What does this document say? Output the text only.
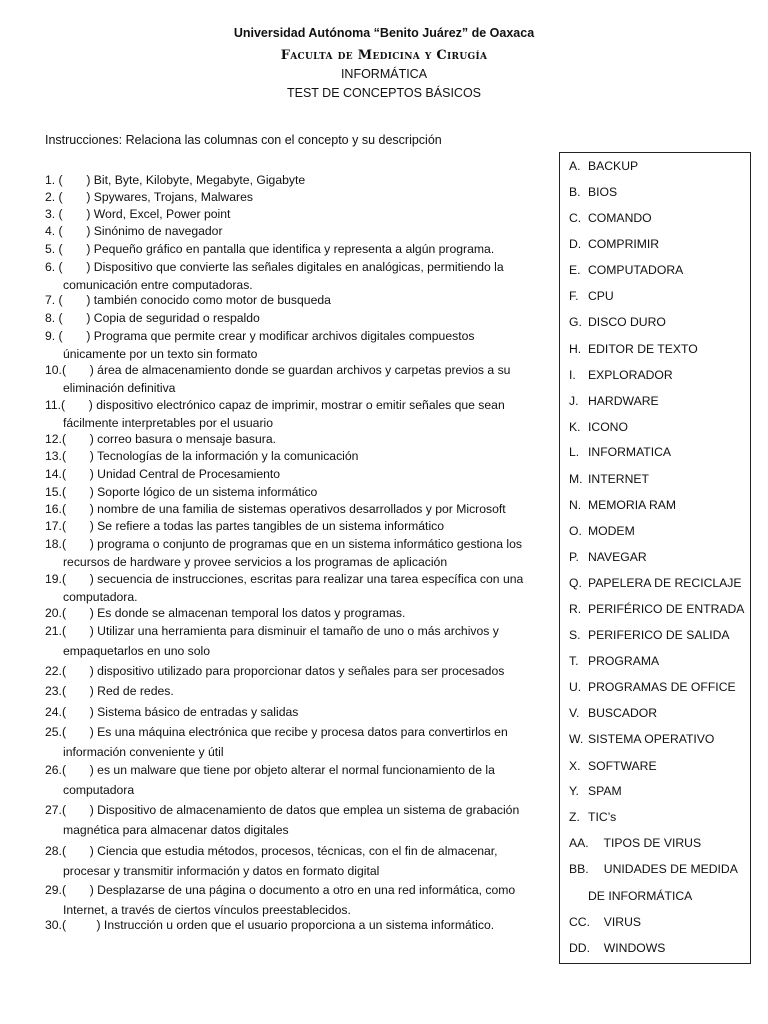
Universidad Autónoma “Benito Juárez” de Oaxaca
Faculta de Medicina y Cirugía
INFORMÁTICA
TEST DE CONCEPTOS BÁSICOS
Instrucciones: Relaciona las columnas con el concepto y su descripción
1. (       ) Bit, Byte, Kilobyte, Megabyte, Gigabyte
2. (       ) Spywares, Trojans, Malwares
3. (       ) Word, Excel, Power point
4. (       ) Sinónimo de navegador
5. (       ) Pequeño gráfico en pantalla que identifica y representa a algún programa.
6. (       ) Dispositivo que convierte las señales digitales en analógicas, permitiendo la
comunicación entre computadoras.
7. (       ) también conocido como motor de busqueda
8. (       ) Copia de seguridad o respaldo
9. (       ) Programa que permite crear y modificar archivos digitales compuestos
únicamente por un texto sin formato
10.(       ) área de almacenamiento donde se guardan archivos y carpetas previos a su
eliminación definitiva
11.(       ) dispositivo electrónico capaz de imprimir, mostrar o emitir señales que sean
fácilmente interpretables por el usuario
12.(       ) correo basura o mensaje basura.
13.(       ) Tecnologías de la información y la comunicación
14.(       ) Unidad Central de Procesamiento
15.(       ) Soporte lógico de un sistema informático
16.(       ) nombre de una familia de sistemas operativos desarrollados y por Microsoft
17.(       ) Se refiere a todas las partes tangibles de un sistema informático
18.(       ) programa o conjunto de programas que en un sistema informático gestiona los
recursos de hardware y provee servicios a los programas de aplicación
19.(       ) secuencia de instrucciones, escritas para realizar una tarea específica con una
computadora.
20.(       ) Es donde se almacenan temporal los datos y programas.
21.(       ) Utilizar una herramienta para disminuir el tamaño de uno o más archivos y
empaquetarlos en uno solo
22.(       ) dispositivo utilizado para proporcionar datos y señales para ser procesados
23.(       ) Red de redes.
24.(       ) Sistema básico de entradas y salidas
25.(       ) Es una máquina electrónica que recibe y procesa datos para convertirlos en
información conveniente y útil
26.(       ) es un malware que tiene por objeto alterar el normal funcionamiento de la
computadora
27.(       ) Dispositivo de almacenamiento de datos que emplea un sistema de grabación
magnética para almacenar datos digitales
28.(       ) Ciencia que estudia métodos, procesos, técnicas, con el fin de almacenar,
procesar y transmitir información y datos en formato digital
29.(       ) Desplazarse de una página o documento a otro en una red informática, como
Internet, a través de ciertos vínculos preestablecidos.
30.(         ) Instrucción u orden que el usuario proporciona a un sistema informático.
A. BACKUP
B. BIOS
C. COMANDO
D. COMPRIMIR
E. COMPUTADORA
F. CPU
G. DISCO DURO
H. EDITOR DE TEXTO
I. EXPLORADOR
J. HARDWARE
K. ICONO
L. INFORMATICA
M. INTERNET
N. MEMORIA RAM
O. MODEM
P. NAVEGAR
Q. PAPELERA DE RECICLAJE
R. PERIFÉRICO DE ENTRADA
S. PERIFERICO DE SALIDA
T. PROGRAMA
U. PROGRAMAS DE OFFICE
V. BUSCADOR
W. SISTEMA OPERATIVO
X. SOFTWARE
Y. SPAM
Z. TIC’s
AA.  TIPOS DE VIRUS
BB.  UNIDADES DE MEDIDA
DE INFORMÁTICA
CC.  VIRUS
DD.  WINDOWS
